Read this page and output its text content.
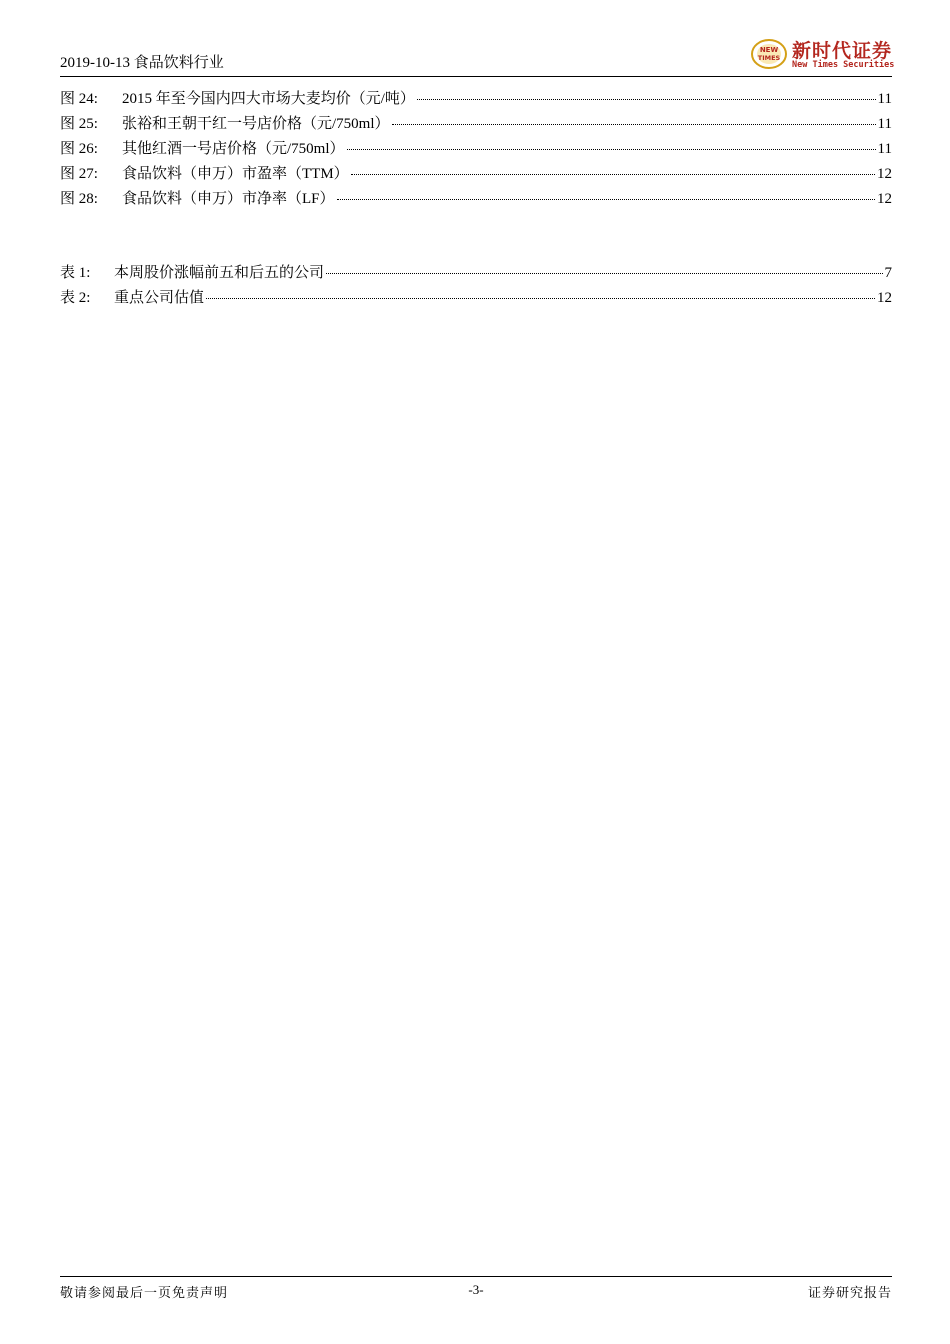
2019-10-13 食品饮料行业
NEW
TIMES 新时代证券
New Times Securities
图 24:	2015 年至今国内四大市场大麦均价（元/吨）	11
图 25:	张裕和王朝干红一号店价格（元/750ml）	11
图 26:	其他红酒一号店价格（元/750ml）	11
图 27:	食品饮料（申万）市盈率（TTM）	12
图 28:	食品饮料（申万）市净率（LF）	12
表 1:	本周股价涨幅前五和后五的公司	7
表 2:	重点公司估值	12
敬请参阅最后一页免责声明	-3-	证券研究报告
